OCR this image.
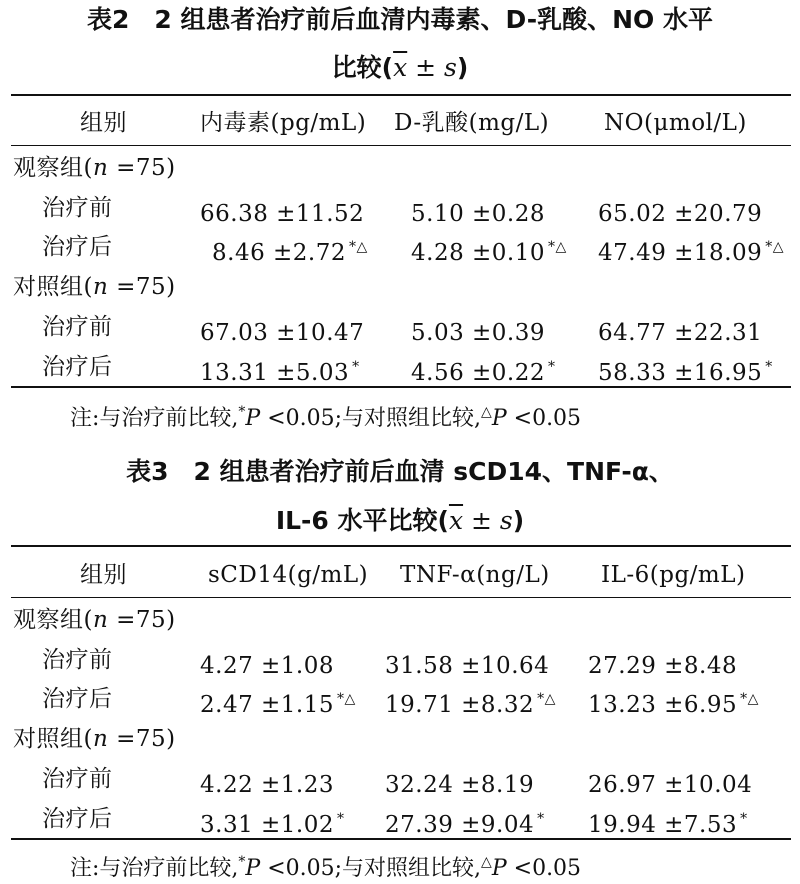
表2　2 组患者治疗前后血清内毒素、D-乳酸、NO 水平
比较$(\overline{x} \pm s)$
组别	内毒素(pg/mL) D-乳酸(mg/L) NO(μmol/L)
观察组(n =75)
治疗前	66.38 ±11.52 5.10 ±0.28 65.02 ±20.79
治疗后	8.46 ±2.72 *△ 4.28 ±0.10 *△ 47.49 ±18.09 *△
对照组(n =75)
治疗前	67.03 ±10.47 5.03 ±0.39 64.77 ±22.31
治疗后	13.31 ±5.03 * 4.56 ±0.22 * 58.33 ±16.95 *
注:与治疗前比较,*P <0.05;与对照组比较,△P <0.05
表3　2 组患者治疗前后血清 sCD14、TNF-α、
IL-6 水平比较$(\overline{x} \pm s)$
组别	sCD14(g/mL) TNF-α(ng/L) IL-6(pg/mL)
观察组(n =75)
治疗前	4.27 ±1.08 31.58 ±10.64 27.29 ±8.48
治疗后	2.47 ±1.15 *△ 19.71 ±8.32 *△ 13.23 ±6.95 *△
对照组(n =75)
治疗前	4.22 ±1.23 32.24 ±8.19 26.97 ±10.04
治疗后	3.31 ±1.02 * 27.39 ±9.04 * 19.94 ±7.53 *
注:与治疗前比较,*P <0.05;与对照组比较,△P <0.05
